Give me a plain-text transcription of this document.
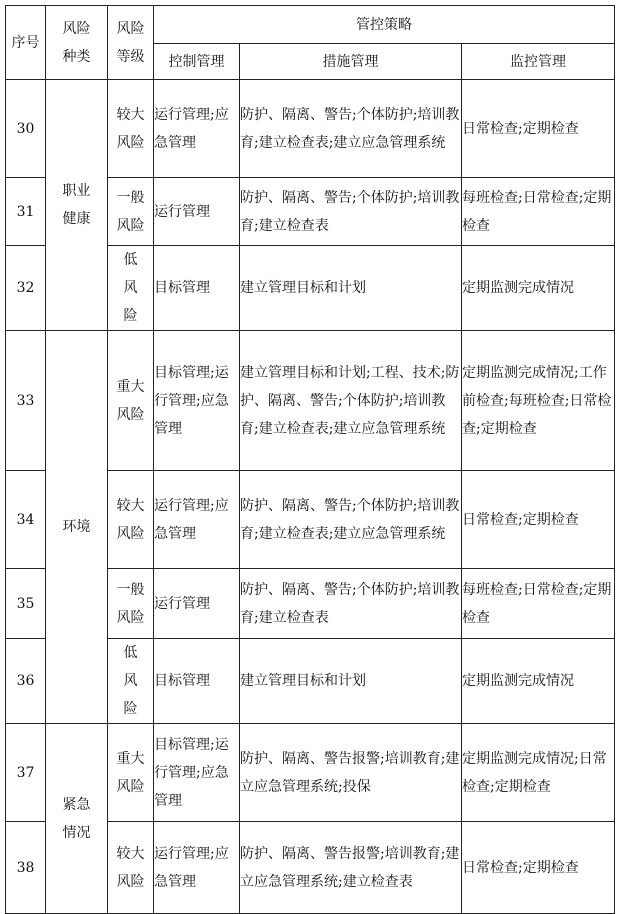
序号	风险种类	风险等级	管控策略		
			控制管理	措施管理	监控管理
30	职业健康	较大风险	运行管理;应急管理	防护、隔离、警告;个体防护;培训教育;建立检查表;建立应急管理系统	日常检查;定期检查
31		一般风险	运行管理	防护、隔离、警告;个体防护;培训教育;建立检查表	每班检查;日常检查;定期检查
32		低风险	目标管理	建立管理目标和计划	定期监测完成情况
33	环境	重大风险	目标管理;运行管理;应急管理	建立管理目标和计划;工程、技术;防护、隔离、警告;个体防护;培训教育;建立检查表;建立应急管理系统	定期监测完成情况;工作前检查;每班检查;日常检查;定期检查
34		较大风险	运行管理;应急管理	防护、隔离、警告;个体防护;培训教育;建立检查表;建立应急管理系统	日常检查;定期检查
35		一般风险	运行管理	防护、隔离、警告;个体防护;培训教育;建立检查表	每班检查;日常检查;定期检查
36		低风险	目标管理	建立管理目标和计划	定期监测完成情况
37	紧急情况	重大风险	目标管理;运行管理;应急管理	防护、隔离、警告报警;培训教育;建立应急管理系统;投保	定期监测完成情况;日常检查;定期检查
38		较大风险	运行管理;应急管理	防护、隔离、警告报警;培训教育;建立应急管理系统;建立检查表	日常检查;定期检查
